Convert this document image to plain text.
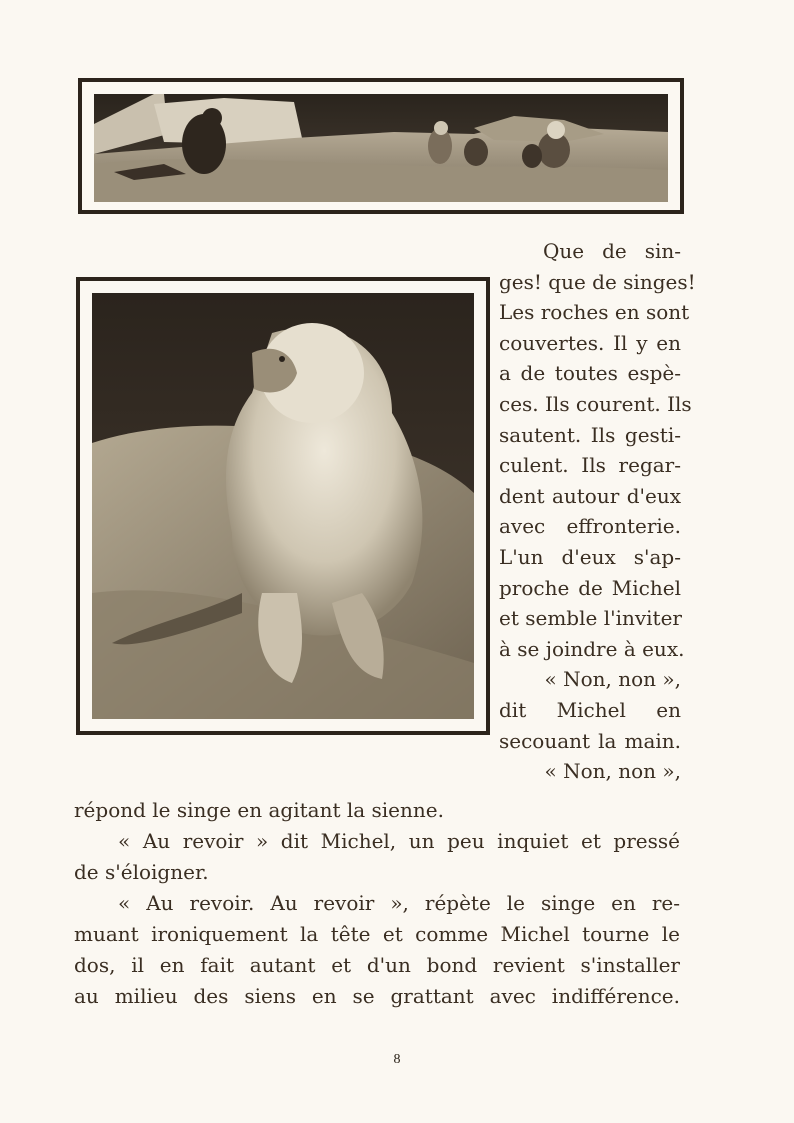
Que de sin-
ges! que de singes!
Les roches en sont
couvertes. Il y en
a de toutes espè-
ces. Ils courent. Ils
sautent. Ils gesti-
culent. Ils regar-
dent autour d'eux
avec effronterie.
L'un d'eux s'ap-
proche de Michel
et semble l'inviter
à se joindre à eux.
« Non, non »,
dit Michel en
secouant la main.
« Non, non »,
répond le singe en agitant la sienne.
« Au revoir » dit Michel, un peu inquiet et pressé
de s'éloigner.
« Au revoir. Au revoir », répète le singe en re-
muant ironiquement la tête et comme Michel tourne le
dos, il en fait autant et d'un bond revient s'installer
au milieu des siens en se grattant avec indifférence.
8
